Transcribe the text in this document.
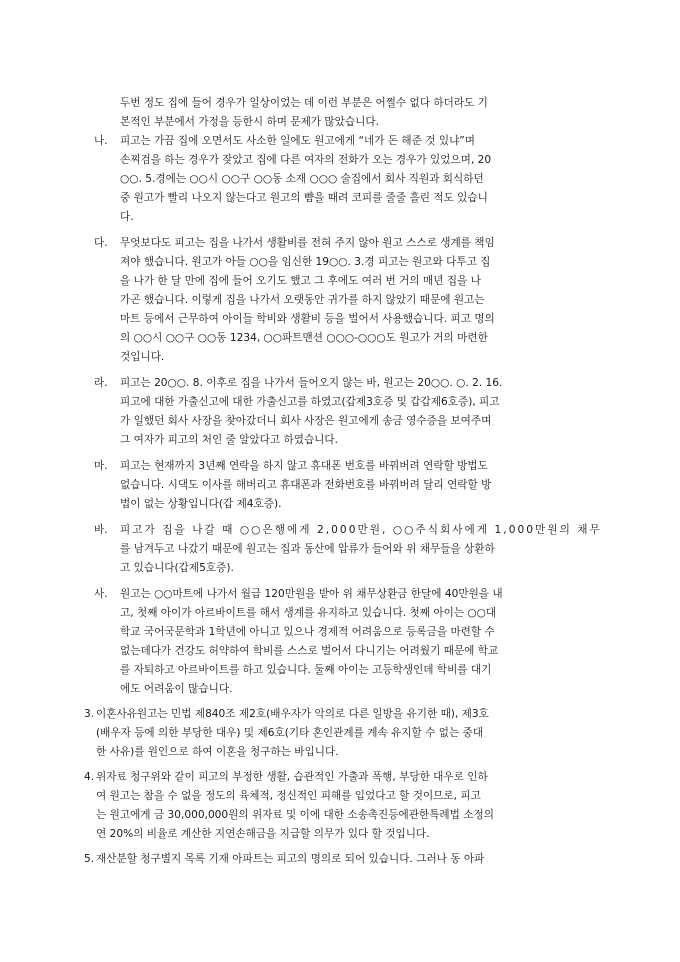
두번 정도 집에 들어 경우가 일상이었는 데 이런 부분은 어쩔수 없다 하더라도 기
본적인 부분에서 가정을 등한시 하며 문제가 많았습니다.
나. 피고는 가끔 집에 오면서도 사소한 일에도 원고에게 “네가 돈 해준 것 있냐”며
손찌검을 하는 경우가 잦았고 집에 다른 여자의 전화가 오는 경우가 있었으며, 20
○○. 5.경에는 ○○시 ○○구 ○○동 소재 ○○○ 술집에서 회사 직원과 회식하던
중 원고가 빨리 나오지 않는다고 원고의 뺨을 때려 코피를 줄줄 흘린 적도 있습니
다.
다. 무엇보다도 피고는 집을 나가서 생활비를 전혀 주지 않아 원고 스스로 생계를 책임
져야 했습니다. 원고가 아들 ○○을 임신한 19○○. 3.경 피고는 원고와 다투고 집
을 나가 한 달 만에 집에 들어 오기도 했고 그 후에도 여러 번 거의 매년 집을 나
가곤 했습니다. 이렇게 집을 나가서 오랫동안 귀가를 하지 않았기 때문에 원고는
마트 등에서 근무하여 아이들 학비와 생활비 등을 벌어서 사용했습니다. 피고 명의
의 ○○시 ○○구 ○○동 1234, ○○파트맨션 ○○○-○○○도 원고가 거의 마련한
것입니다.
라. 피고는 20○○. 8. 이후로 집을 나가서 들어오지 않는 바, 원고는 20○○. ○. 2. 16.
피고에 대한 가출신고에 대한 가출신고를 하였고(갑제3호증 및 갑갑제6호증), 피고
가 일했던 회사 사장을 찾아갔더니 회사 사장은 원고에게 송금 영수증을 보여주며
그 여자가 피고의 처인 줄 알았다고 하였습니다.
마. 피고는 현재까지 3년째 연락을 하지 않고 휴대폰 번호를 바꿔버려 연락할 방법도
없습니다. 시댁도 이사를 해버리고 휴대폰과 전화번호를 바꿔버려 달리 연락할 방
법이 없는 상황입니다(갑 제4호증).
바. 피고가 집을 나갈 때 ○○은행에게 2,000만원, ○○주식회사에게 1,000만원의 채무
를 남겨두고 나갔기 때문에 원고는 집과 동산에 압류가 들어와 위 채무들을 상환하
고 있습니다(갑제5호증).
사. 원고는 ○○마트에 나가서 월급 120만원을 받아 위 채무상환금 한달에 40만원을 내
고, 첫째 아이가 아르바이트를 해서 생계를 유지하고 있습니다. 첫째 아이는 ○○대
학교 국어국문학과 1학년에 아니고 있으나 경제적 어려움으로 등록금을 마련할 수
없는데다가 건강도 허약하여 학비를 스스로 벌어서 다니기는 어려웠기 때문에 학교
를 자퇴하고 아르바이트를 하고 있습니다. 둘째 아이는 고등학생인데 학비를 대기
에도 어려움이 많습니다.
3. 이혼사유원고는 민법 제840조 제2호(배우자가 악의로 다른 일방을 유기한 때), 제3호
(배우자 등에 의한 부당한 대우) 및 제6호(기타 혼인관계를 계속 유지할 수 없는 중대
한 사유)를 원인으로 하여 이혼을 청구하는 바입니다.
4. 위자료 청구위와 같이 피고의 부정한 생활, 습관적인 가출과 폭행, 부당한 대우로 인하
여 원고는 참을 수 없을 정도의 육체적, 정신적인 피해를 입었다고 할 것이므로, 피고
는 원고에게 금 30,000,000원의 위자료 및 이에 대한 소송촉진등에관한특례법 소정의
연 20%의 비율로 계산한 지연손해금을 지급할 의무가 있다 할 것입니다.
5. 재산분할 청구별지 목록 기재 아파트는 피고의 명의로 되어 있습니다. 그러나 동 아파
